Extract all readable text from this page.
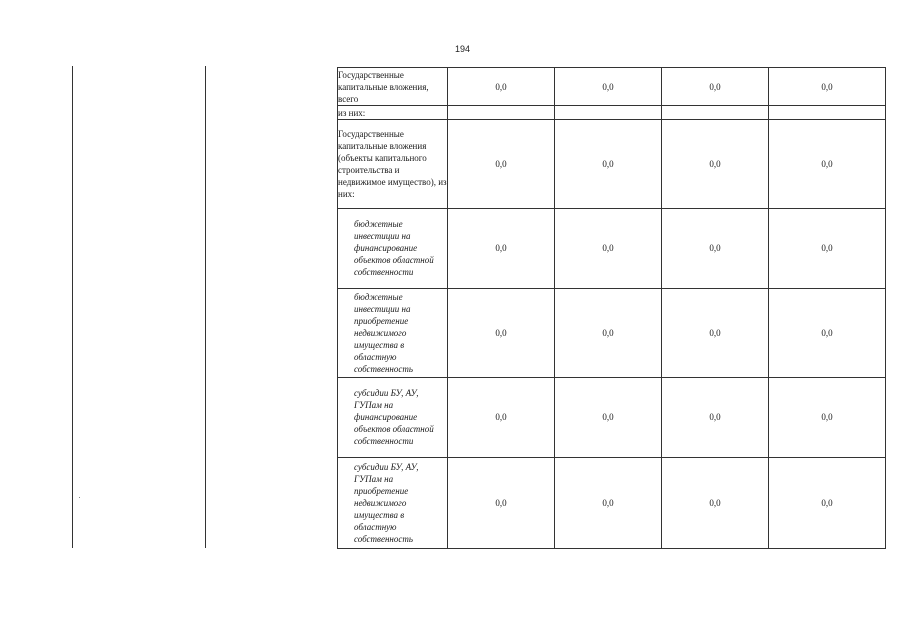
194
Государственные капитальные вложения, всего	0,0	0,0	0,0	0,0
из них:				
Государственные капитальные вложения (объекты капитального строительства и недвижимое имущество), из них:	0,0	0,0	0,0	0,0
бюджетные инвестиции на финансирование объектов областной собственности	0,0	0,0	0,0	0,0
бюджетные инвестиции на приобретение недвижимого имущества в областную собственность	0,0	0,0	0,0	0,0
субсидии БУ, АУ, ГУПам на финансирование объектов областной собственности	0,0	0,0	0,0	0,0
субсидии БУ, АУ, ГУПам на приобретение недвижимого имущества в областную собственность	0,0	0,0	0,0	0,0
